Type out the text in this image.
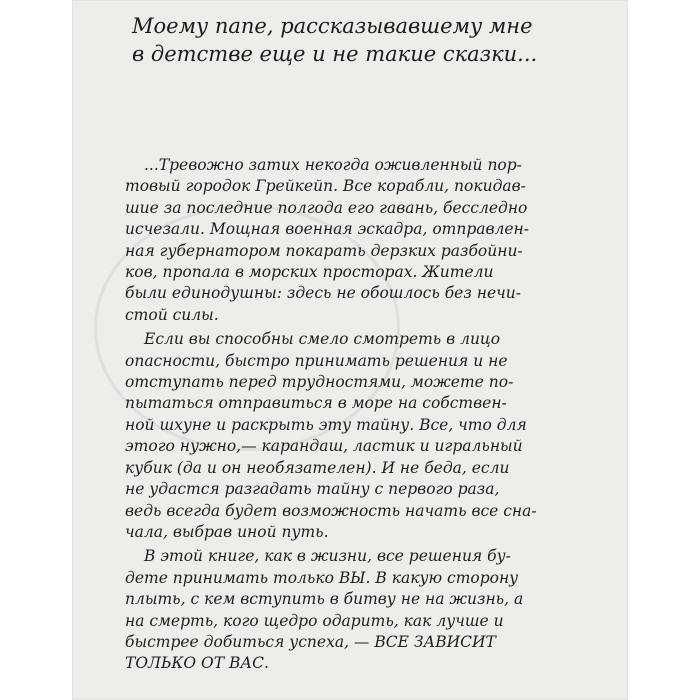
Моему папе, рассказывавшему мне
в детстве еще и не такие сказки...
...Тревожно затих некогда оживленный пор-
товый городок Грейкейп. Все корабли, покидав-
шие за последние полгода его гавань, бесследно
исчезали. Мощная военная эскадра, отправлен-
ная губернатором покарать дерзких разбойни-
ков, пропала в морских просторах. Жители
были единодушны: здесь не обошлось без нечи-
стой силы.
Если вы способны смело смотреть в лицо
опасности, быстро принимать решения и не
отступать перед трудностями, можете по-
пытаться отправиться в море на собствен-
ной шхуне и раскрыть эту тайну. Все, что для
этого нужно,— карандаш, ластик и игральный
кубик (да и он необязателен). И не беда, если
не удастся разгадать тайну с первого раза,
ведь всегда будет возможность начать все сна-
чала, выбрав иной путь.
В этой книге, как в жизни, все решения бу-
дете принимать только ВЫ. В какую сторону
плыть, с кем вступить в битву не на жизнь, а
на смерть, кого щедро одарить, как лучше и
быстрее добиться успеха, — ВСЕ ЗАВИСИТ
ТОЛЬКО ОТ ВАС.
